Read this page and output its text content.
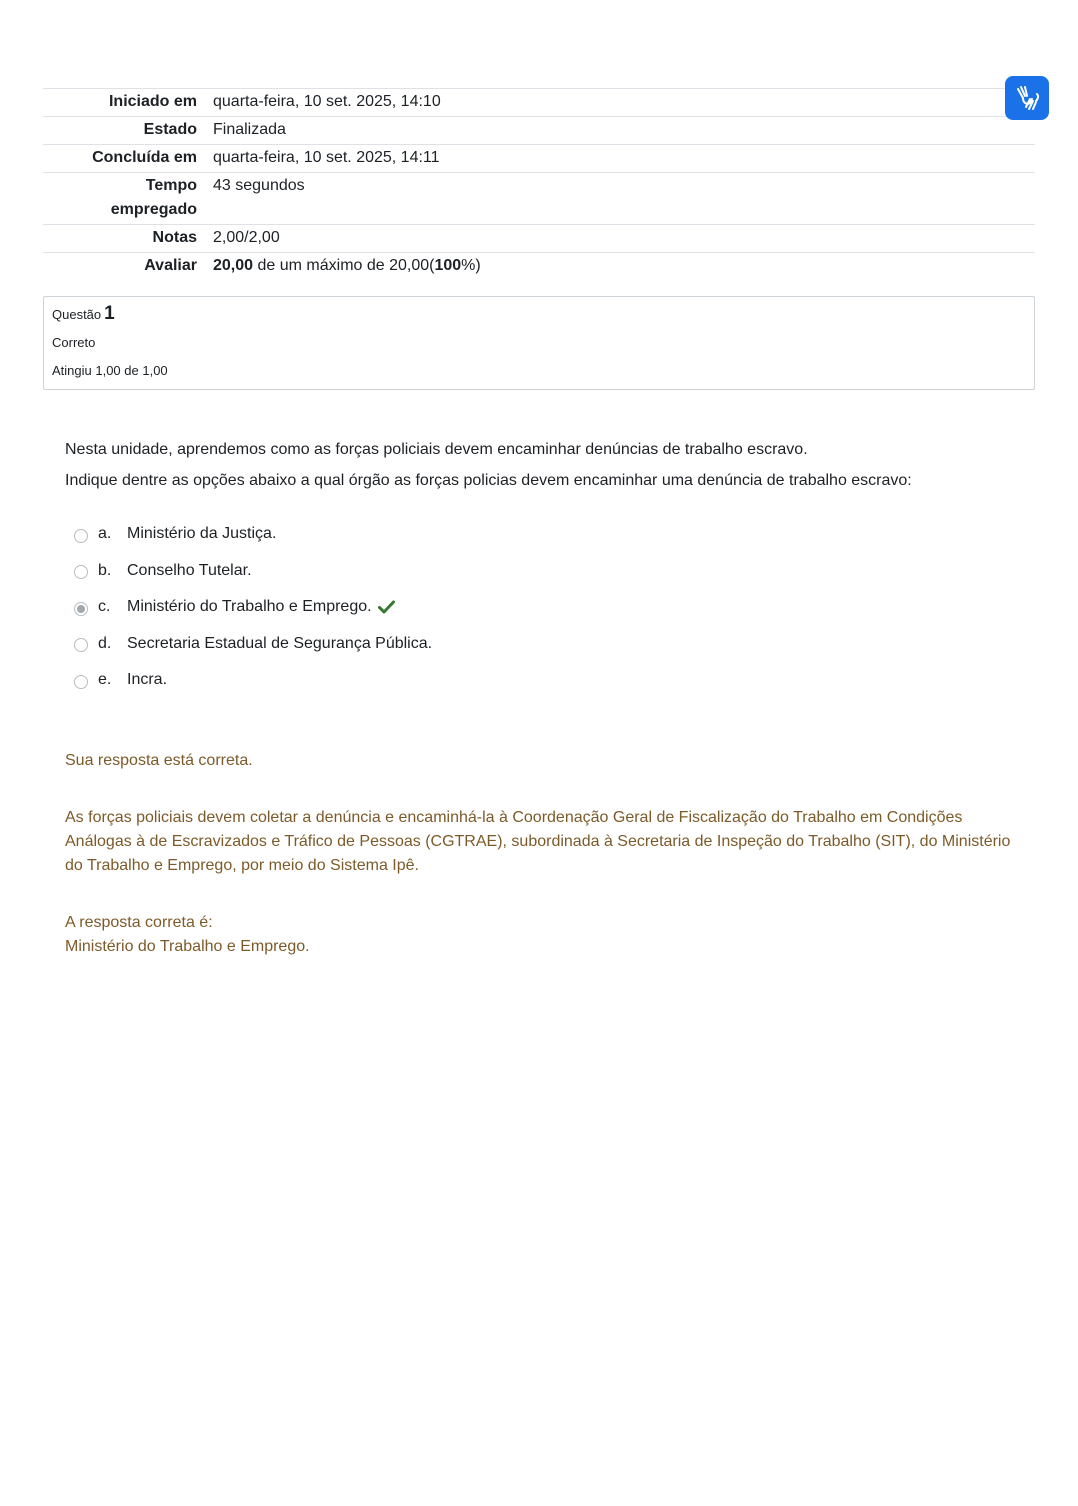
Iniciado em	quarta-feira, 10 set. 2025, 14:10
Estado	Finalizada
Concluída em	quarta-feira, 10 set. 2025, 14:11
Tempo
empregado	43 segundos
Notas	2,00/2,00
Avaliar	20,00 de um máximo de 20,00(100%)
Questão 1
Correto
Atingiu 1,00 de 1,00

Nesta unidade, aprendemos como as forças policiais devem encaminhar denúncias de trabalho escravo.

Indique dentre as opções abaixo a qual órgão as forças policias devem encaminhar uma denúncia de trabalho escravo:

a. Ministério da Justiça.
b. Conselho Tutelar.
c.	Ministério do Trabalho e Emprego.
d. Secretaria Estadual de Segurança Pública.
e. Incra.

Sua resposta está correta.

As forças policiais devem coletar a denúncia e encaminhá-la à Coordenação Geral de Fiscalização do Trabalho em Condições Análogas à de Escravizados e Tráfico de Pessoas (CGTRAE), subordinada à Secretaria de Inspeção do Trabalho (SIT), do Ministério do Trabalho e Emprego, por meio do Sistema Ipê.

A resposta correta é:

Ministério do Trabalho e Emprego.
